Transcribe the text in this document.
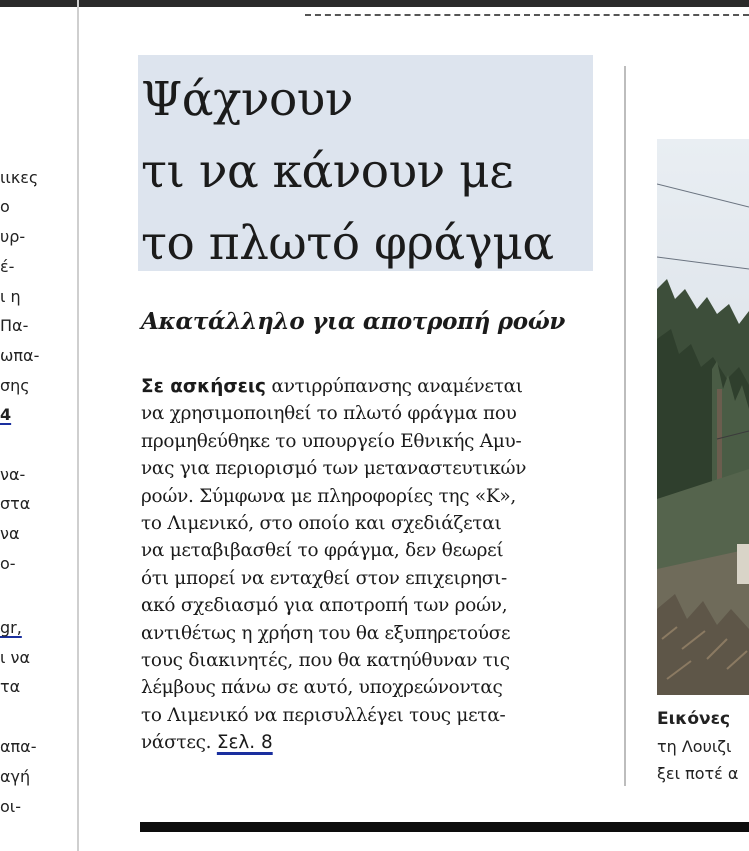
ιικες
ο
υρ-
έ-
ι η
Πα-
ωπα-
σης
4
να-
στα
να
ο-
gr,
ι να
τα
απα-
αγή
οι-
Ψάχνουν
τι να κάνουν με
το πλωτό φράγμα
Ακατάλληλο για αποτροπή ροών
Σε ασκήσεις αντιρρύπανσης αναμένεται
να χρησιμοποιηθεί το πλωτό φράγμα που
προμηθεύθηκε το υπουργείο Εθνικής Αμυ-
νας για περιορισμό των μεταναστευτικών
ροών. Σύμφωνα με πληροφορίες της «Κ»,
το Λιμενικό, στο οποίο και σχεδιάζεται
να μεταβιβασθεί το φράγμα, δεν θεωρεί
ότι μπορεί να ενταχθεί στον επιχειρησι-
ακό σχεδιασμό για αποτροπή των ροών,
αντιθέτως η χρήση του θα εξυπηρετούσε
τους διακινητές, που θα κατηύθυναν τις
λέμβους πάνω σε αυτό, υποχρεώνοντας
το Λιμενικό να περισυλλέγει τους μετα-
νάστες. Σελ. 8
Εικόνες
τη Λουιζι
ξει ποτέ α
